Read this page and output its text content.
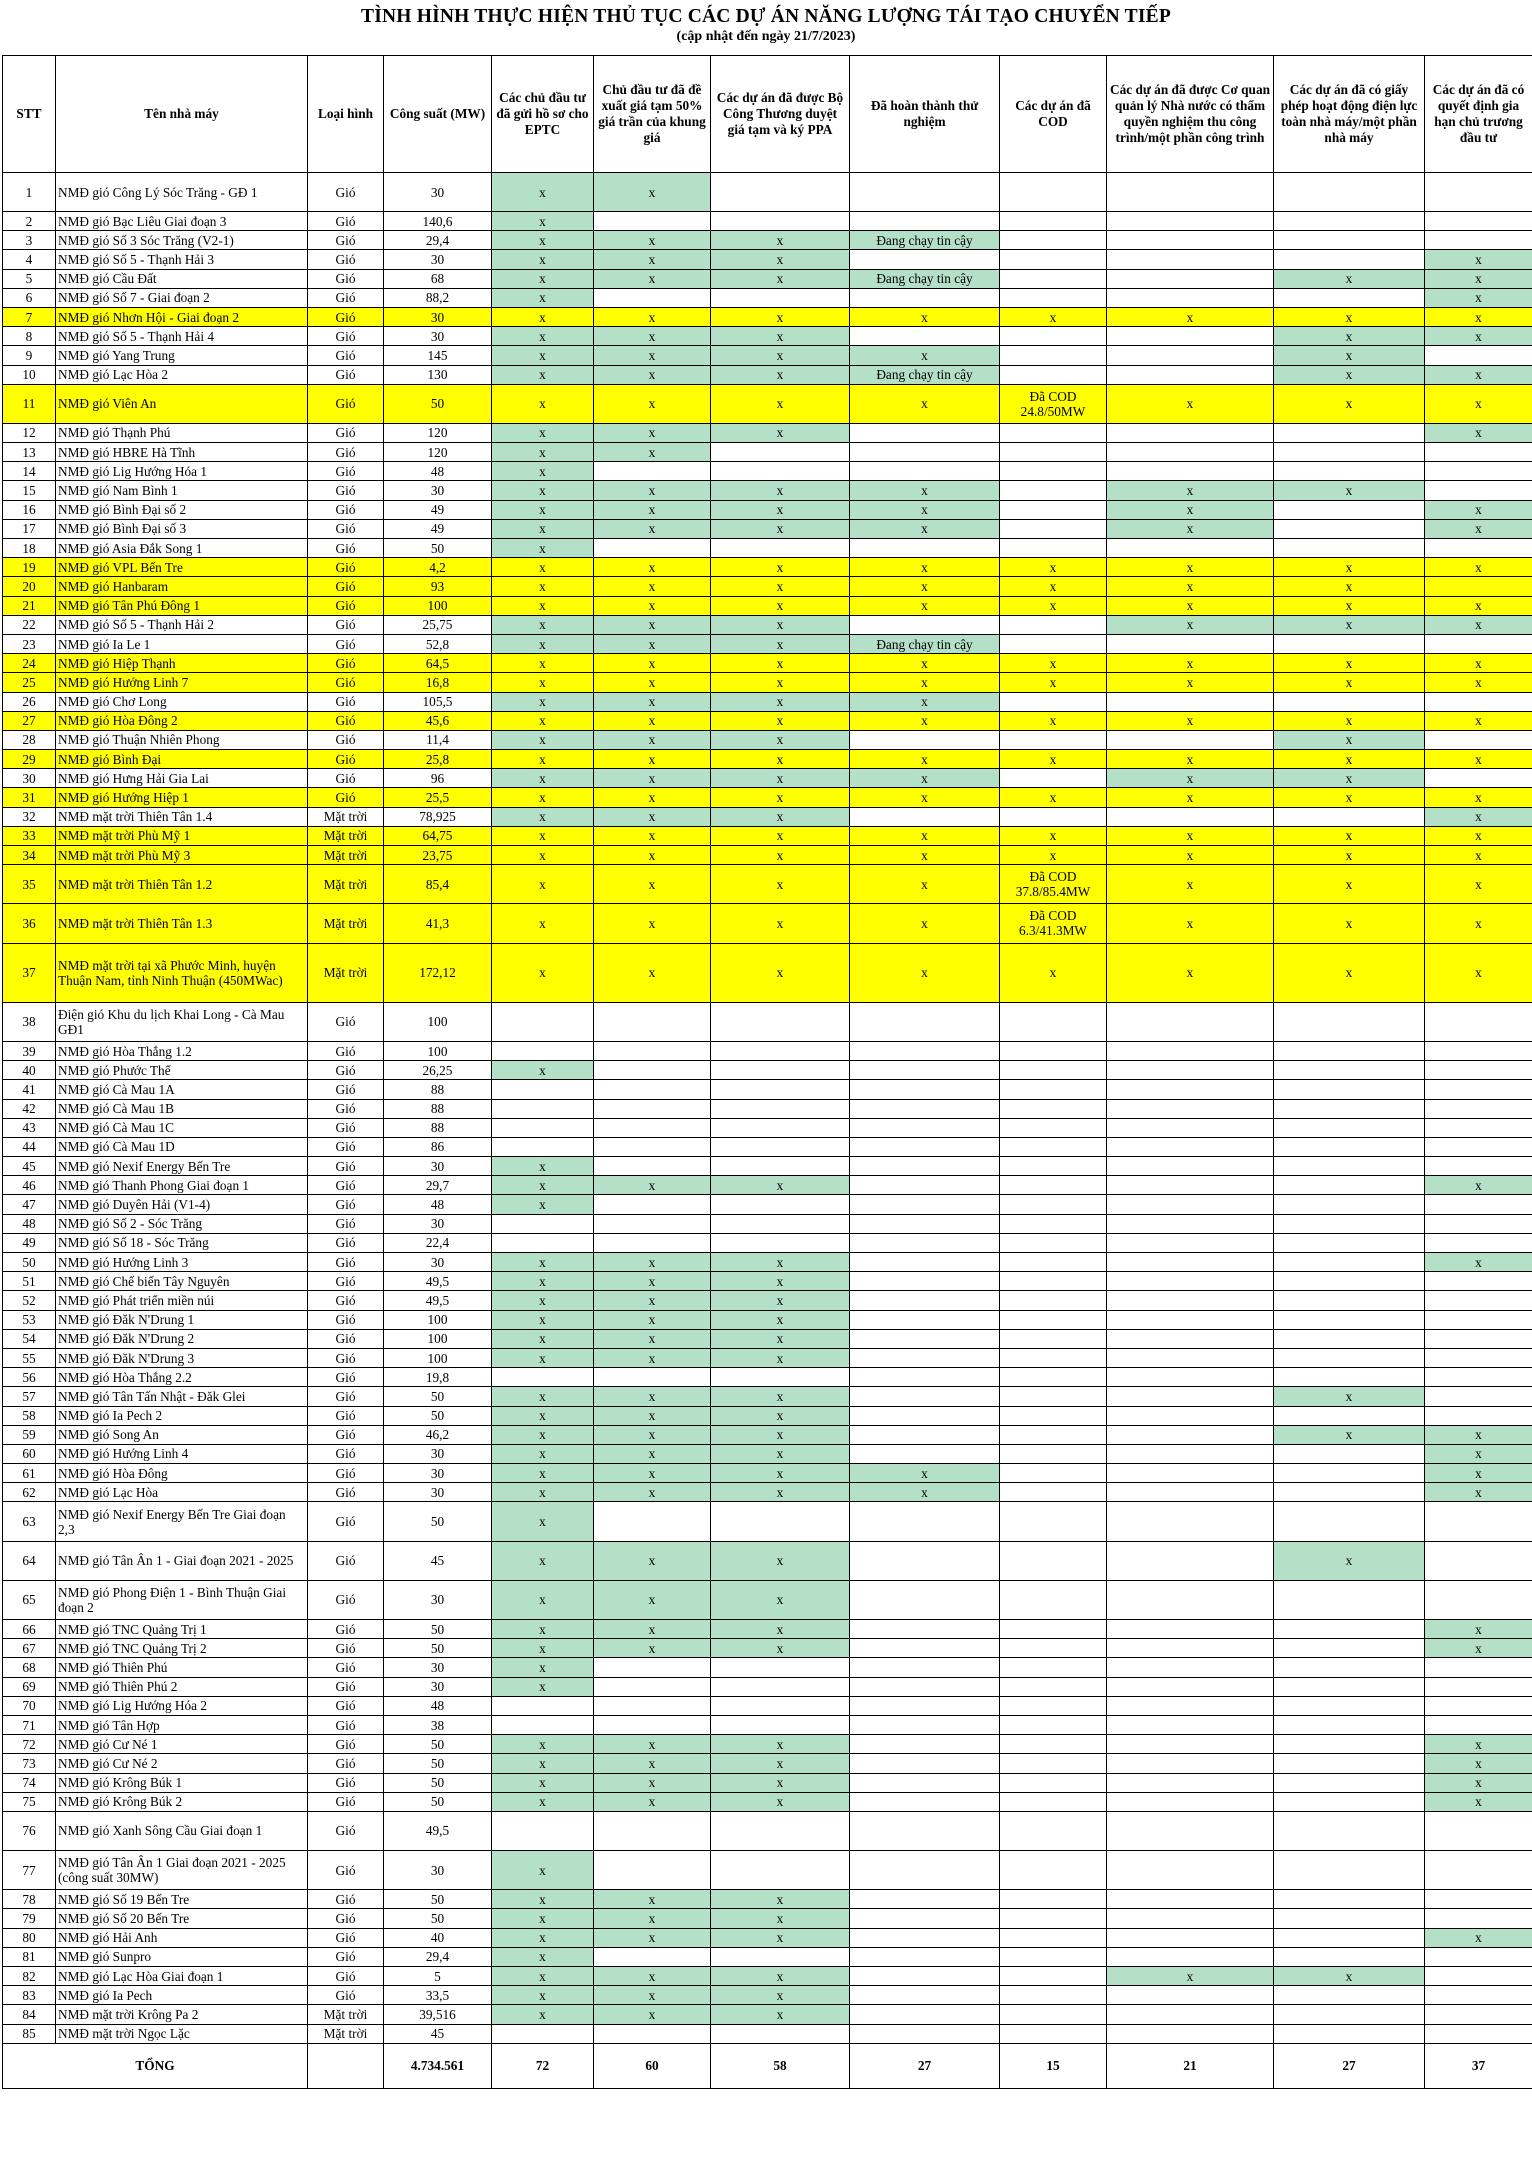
TÌNH HÌNH THỰC HIỆN THỦ TỤC CÁC DỰ ÁN NĂNG LƯỢNG TÁI TẠO CHUYỂN TIẾP
(cập nhật đến ngày 21/7/2023)
STT	Tên nhà máy	Loại hình	Công suất (MW)	Các chủ đầu tư đã gửi hồ sơ cho EPTC	Chủ đầu tư đã đề xuất giá tạm 50% giá trần của khung giá	Các dự án đã được Bộ Công Thương duyệt giá tạm và ký PPA	Đã hoàn thành thử nghiệm	Các dự án đã COD	Các dự án đã được Cơ quan quản lý Nhà nước có thẩm quyền nghiệm thu công trình/một phần công trình	Các dự án đã có giấy phép hoạt động điện lực toàn nhà máy/một phần nhà máy	Các dự án đã có quyết định gia hạn chủ trương đầu tư
1	NMĐ gió Công Lý Sóc Trăng - GĐ 1	Gió	30	x	x						
2	NMĐ gió Bạc Liêu Giai đoạn 3	Gió	140,6	x							
3	NMĐ gió Số 3 Sóc Trăng (V2-1)	Gió	29,4	x	x	x	Đang chạy tin cậy				
4	NMĐ gió Số 5 - Thạnh Hải 3	Gió	30	x	x	x					x
5	NMĐ gió Cầu Đất	Gió	68	x	x	x	Đang chạy tin cậy			x	x
6	NMĐ gió Số 7 - Giai đoạn 2	Gió	88,2	x							x
7	NMĐ gió Nhơn Hội - Giai đoạn 2	Gió	30	x	x	x	x	x	x	x	x
8	NMĐ gió Số 5 - Thạnh Hải 4	Gió	30	x	x	x				x	x
9	NMĐ gió Yang Trung	Gió	145	x	x	x	x			x	
10	NMĐ gió Lạc Hòa 2	Gió	130	x	x	x	Đang chạy tin cậy			x	x
11	NMĐ gió Viên An	Gió	50	x	x	x	x	Đã COD 24.8/50MW	x	x	x
12	NMĐ gió Thạnh Phú	Gió	120	x	x	x					x
13	NMĐ gió HBRE Hà Tĩnh	Gió	120	x	x						
14	NMĐ gió Lig Hướng Hóa 1	Gió	48	x							
15	NMĐ gió Nam Bình 1	Gió	30	x	x	x	x		x	x	
16	NMĐ gió Bình Đại số 2	Gió	49	x	x	x	x		x		x
17	NMĐ gió Bình Đại số 3	Gió	49	x	x	x	x		x		x
18	NMĐ gió Asia Đắk Song 1	Gió	50	x							
19	NMĐ gió VPL Bến Tre	Gió	4,2	x	x	x	x	x	x	x	x
20	NMĐ gió Hanbaram	Gió	93	x	x	x	x	x	x	x	
21	NMĐ gió Tân Phú Đông 1	Gió	100	x	x	x	x	x	x	x	x
22	NMĐ gió Số 5 - Thạnh Hải 2	Gió	25,75	x	x	x			x	x	x
23	NMĐ gió Ia Le 1	Gió	52,8	x	x	x	Đang chạy tin cậy				
24	NMĐ gió Hiệp Thạnh	Gió	64,5	x	x	x	x	x	x	x	x
25	NMĐ gió Hướng Linh 7	Gió	16,8	x	x	x	x	x	x	x	x
26	NMĐ gió Chơ Long	Gió	105,5	x	x	x	x				
27	NMĐ gió Hòa Đông 2	Gió	45,6	x	x	x	x	x	x	x	x
28	NMĐ gió Thuận Nhiên Phong	Gió	11,4	x	x	x				x	
29	NMĐ gió Bình Đại	Gió	25,8	x	x	x	x	x	x	x	x
30	NMĐ gió Hưng Hải Gia Lai	Gió	96	x	x	x	x		x	x	
31	NMĐ gió Hướng Hiệp 1	Gió	25,5	x	x	x	x	x	x	x	x
32	NMĐ mặt trời Thiên Tân 1.4	Mặt trời	78,925	x	x	x					x
33	NMĐ mặt trời Phù Mỹ 1	Mặt trời	64,75	x	x	x	x	x	x	x	x
34	NMĐ mặt trời Phù Mỹ 3	Mặt trời	23,75	x	x	x	x	x	x	x	x
35	NMĐ mặt trời Thiên Tân 1.2	Mặt trời	85,4	x	x	x	x	Đã COD 37.8/85.4MW	x	x	x
36	NMĐ mặt trời Thiên Tân 1.3	Mặt trời	41,3	x	x	x	x	Đã COD 6.3/41.3MW	x	x	x
37	NMĐ mặt trời tại xã Phước Minh, huyện Thuận Nam, tỉnh Ninh Thuận (450MWac)	Mặt trời	172,12	x	x	x	x	x	x	x	x
38	Điện gió Khu du lịch Khai Long - Cà Mau GĐ1	Gió	100								
39	NMĐ gió Hòa Thắng 1.2	Gió	100								
40	NMĐ gió Phước Thể	Gió	26,25	x							
41	NMĐ gió Cà Mau 1A	Gió	88								
42	NMĐ gió Cà Mau 1B	Gió	88								
43	NMĐ gió Cà Mau 1C	Gió	88								
44	NMĐ gió Cà Mau 1D	Gió	86								
45	NMĐ gió Nexif Energy Bến Tre	Gió	30	x							
46	NMĐ gió Thanh Phong Giai đoạn 1	Gió	29,7	x	x	x					x
47	NMĐ gió Duyên Hải (V1-4)	Gió	48	x							
48	NMĐ gió Số 2 - Sóc Trăng	Gió	30								
49	NMĐ gió Số 18 - Sóc Trăng	Gió	22,4								
50	NMĐ gió Hướng Linh 3	Gió	30	x	x	x					x
51	NMĐ gió Chế biến Tây Nguyên	Gió	49,5	x	x	x					
52	NMĐ gió Phát triển miền núi	Gió	49,5	x	x	x					
53	NMĐ gió Đăk N'Drung 1	Gió	100	x	x	x					
54	NMĐ gió Đăk N'Drung 2	Gió	100	x	x	x					
55	NMĐ gió Đăk N'Drung 3	Gió	100	x	x	x					
56	NMĐ gió Hòa Thắng 2.2	Gió	19,8								
57	NMĐ gió Tân Tấn Nhật - Đăk Glei	Gió	50	x	x	x				x	
58	NMĐ gió Ia Pech 2	Gió	50	x	x	x					
59	NMĐ gió Song An	Gió	46,2	x	x	x				x	x
60	NMĐ gió Hướng Linh 4	Gió	30	x	x	x					x
61	NMĐ gió Hòa Đông	Gió	30	x	x	x	x				x
62	NMĐ gió Lạc Hòa	Gió	30	x	x	x	x				x
63	NMĐ gió Nexif Energy Bến Tre Giai đoạn 2,3	Gió	50	x							
64	NMĐ gió Tân Ân 1 - Giai đoạn 2021 - 2025	Gió	45	x	x	x				x	
65	NMĐ gió Phong Điện 1 - Bình Thuận Giai đoạn 2	Gió	30	x	x	x					
66	NMĐ gió TNC Quảng Trị 1	Gió	50	x	x	x					x
67	NMĐ gió TNC Quảng Trị 2	Gió	50	x	x	x					x
68	NMĐ gió Thiên Phú	Gió	30	x							
69	NMĐ gió Thiên Phú 2	Gió	30	x							
70	NMĐ gió Lig Hướng Hóa 2	Gió	48								
71	NMĐ gió Tân Hợp	Gió	38								
72	NMĐ gió Cư Né 1	Gió	50	x	x	x					x
73	NMĐ gió Cư Né 2	Gió	50	x	x	x					x
74	NMĐ gió Krông Búk 1	Gió	50	x	x	x					x
75	NMĐ gió Krông Búk 2	Gió	50	x	x	x					x
76	NMĐ gió Xanh Sông Cầu Giai đoạn 1	Gió	49,5								
77	NMĐ gió Tân Ân 1 Giai đoạn 2021 - 2025 (công suất 30MW)	Gió	30	x							
78	NMĐ gió Số 19 Bến Tre	Gió	50	x	x	x					
79	NMĐ gió Số 20 Bến Tre	Gió	50	x	x	x					
80	NMĐ gió Hải Anh	Gió	40	x	x	x					x
81	NMĐ gió Sunpro	Gió	29,4	x							
82	NMĐ gió Lạc Hòa Giai đoạn 1	Gió	5	x	x	x			x	x	
83	NMĐ gió Ia Pech	Gió	33,5	x	x	x					
84	NMĐ mặt trời Krông Pa 2	Mặt trời	39,516	x	x	x					
85	NMĐ mặt trời Ngọc Lặc	Mặt trời	45								
TỔNG			4.734.561	72	60	58	27	15	21	27	37
